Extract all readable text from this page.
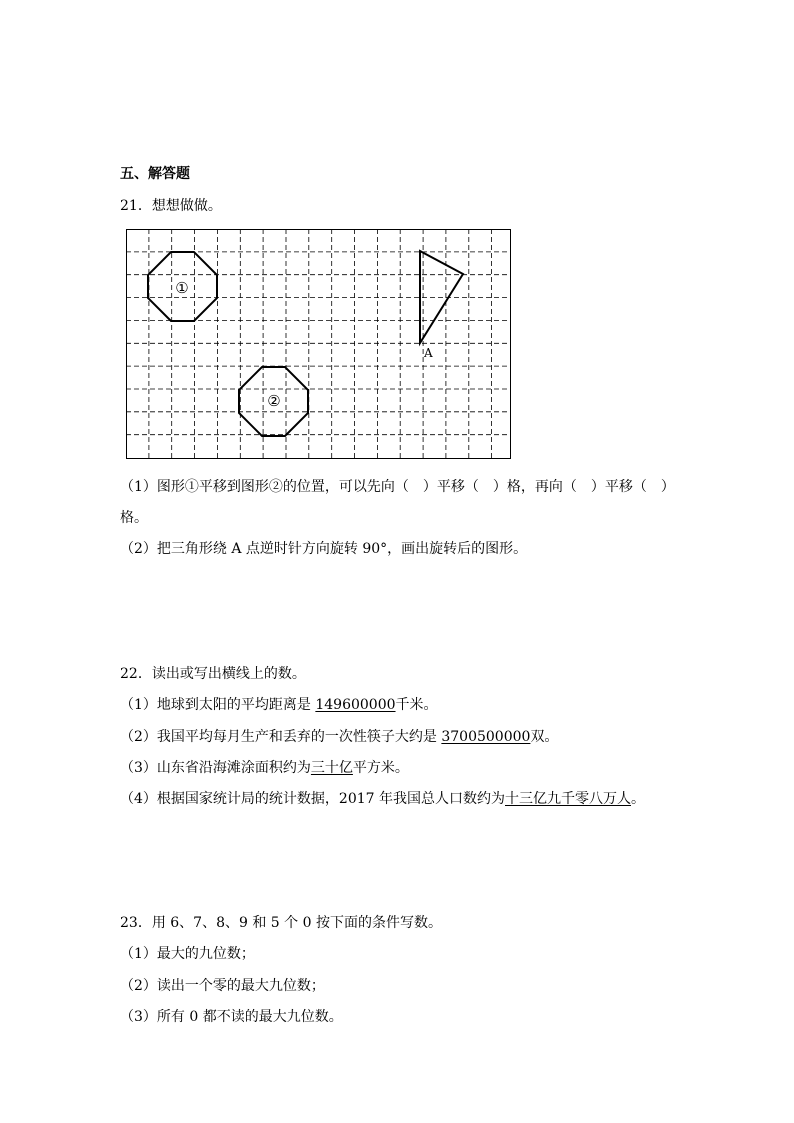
五、解答题
21．想想做做。
①
②
A
（1）图形①平移到图形②的位置，可以先向（　）平移（　）格，再向（　）平移（　）
格。
（2）把三角形绕 A 点逆时针方向旋转 90°，画出旋转后的图形。
22．读出或写出横线上的数。
（1）地球到太阳的平均距离是 149600000千米。
（2）我国平均每月生产和丢弃的一次性筷子大约是 3700500000双。
（3）山东省沿海滩涂面积约为三十亿平方米。
（4）根据国家统计局的统计数据，2017 年我国总人口数约为十三亿九千零八万人。
23．用 6、7、8、9 和 5 个 0 按下面的条件写数。
（1）最大的九位数；
（2）读出一个零的最大九位数；
（3）所有 0 都不读的最大九位数。
